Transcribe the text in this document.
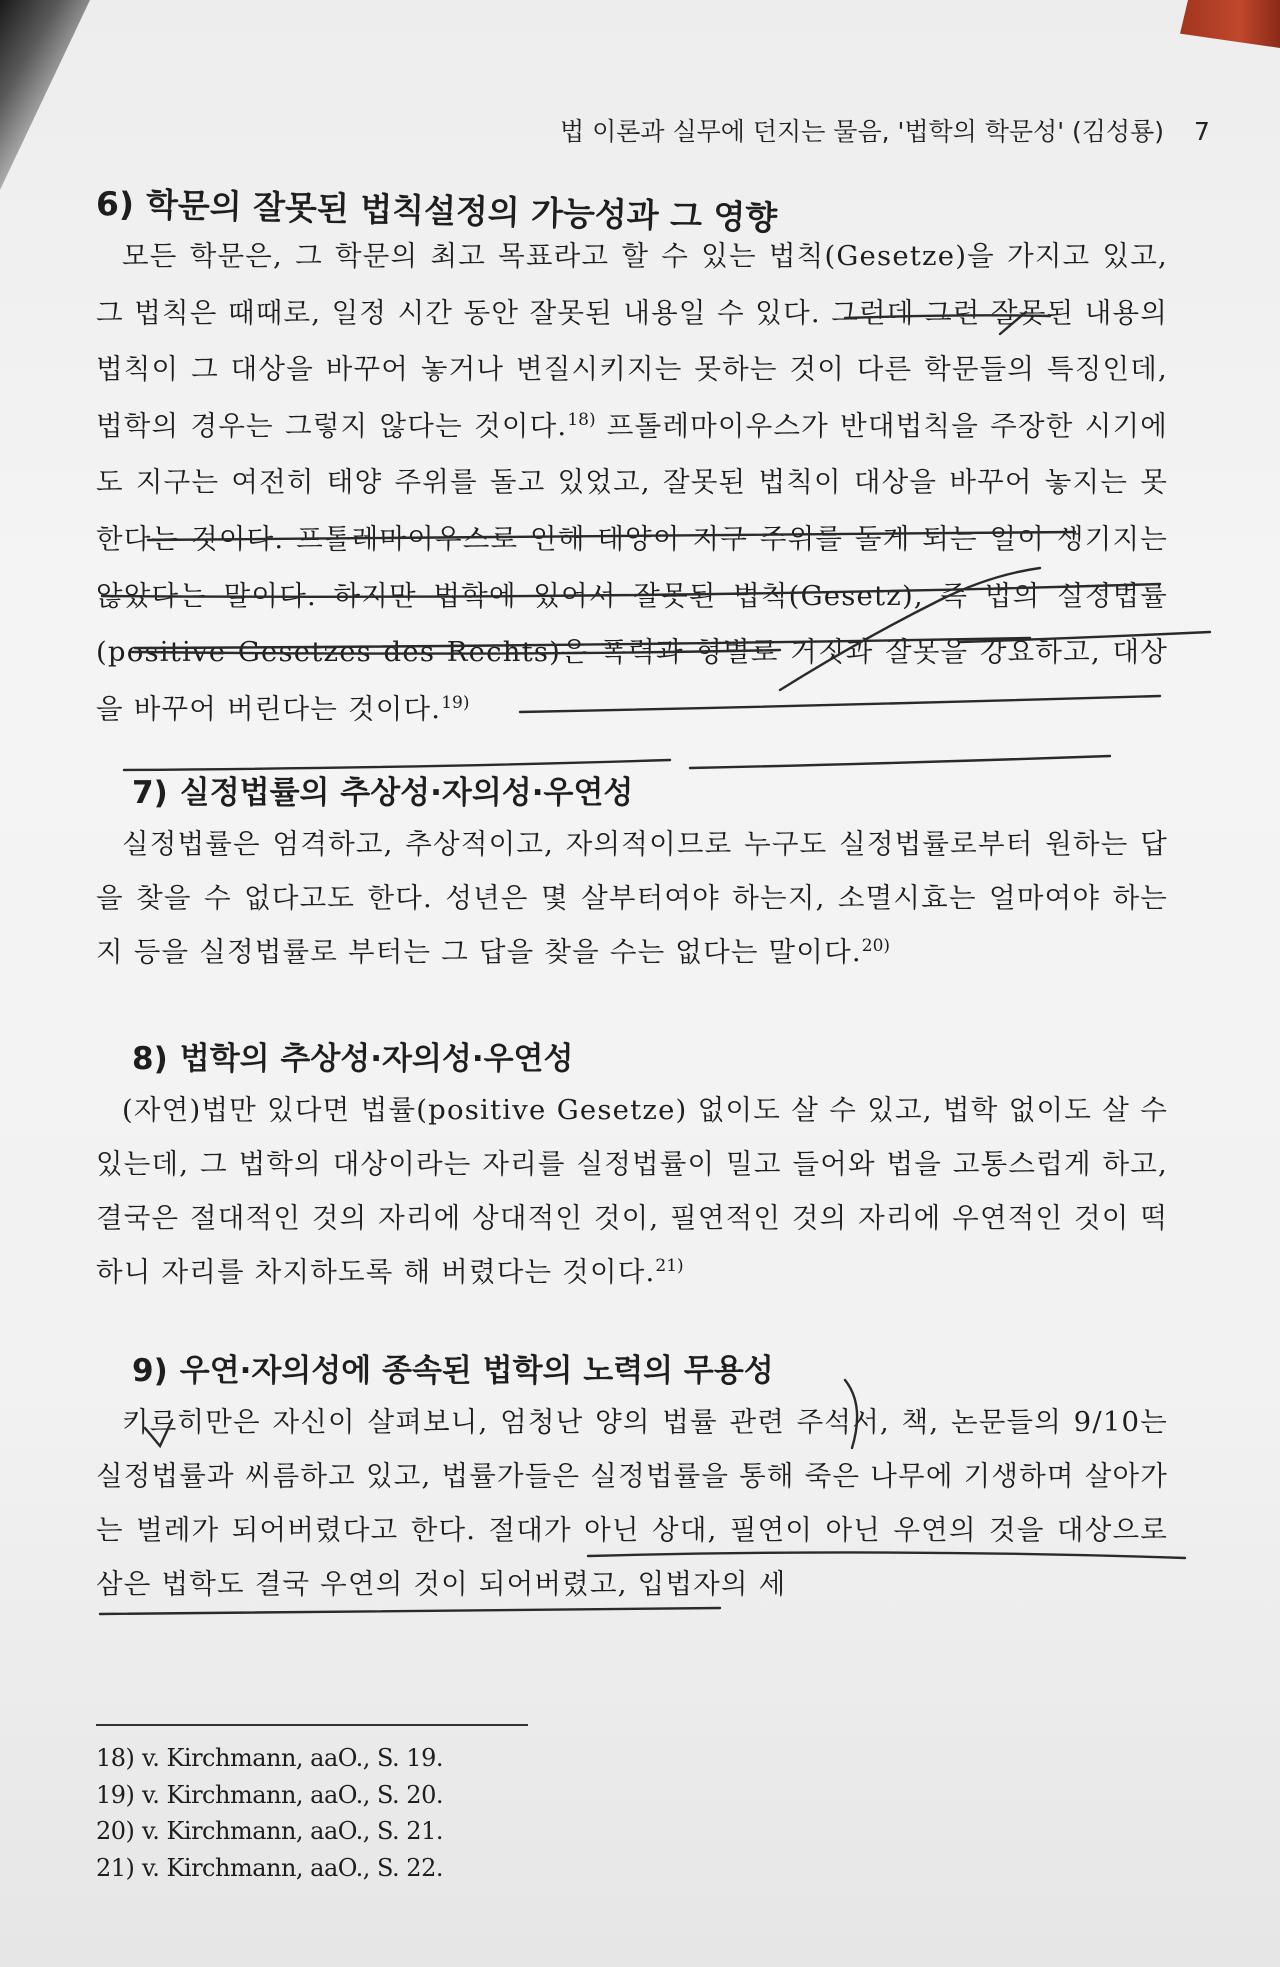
법 이론과 실무에 던지는 물음, '법학의 학문성' (김성룡) 7
6) 학문의 잘못된 법칙설정의 가능성과 그 영향

모든 학문은, 그 학문의 최고 목표라고 할 수 있는 법칙(Gesetze)을 가지고 있고, 그 법칙은 때때로, 일정 시간 동안 잘못된 내용일 수 있다. 그런데 그런 잘못된 내용의 법칙이 그 대상을 바꾸어 놓거나 변질시키지는 못하는 것이 다른 학문들의 특징인데, 법학의 경우는 그렇지 않다는 것이다.$^{18)}$ 프톨레마이우스가 반대법칙을 주장한 시기에도 지구는 여전히 태양 주위를 돌고 있었고, 잘못된 법칙이 대상을 바꾸어 놓지는 못한다는 것이다. 프톨레마이우스로 인해 태양이 지구 주위를 돌게 되는 일이 생기지는 않았다는 말이다. 하지만 법학에 있어서 잘못된 법칙(Gesetz), 즉 법의 실정법률(positive Gesetzes des Rechts)은 폭력과 형벌로 거짓과 잘못을 강요하고, 대상을 바꾸어 버린다는 것이다.$^{19)}$

7) 실정법률의 추상성·자의성·우연성

실정법률은 엄격하고, 추상적이고, 자의적이므로 누구도 실정법률로부터 원하는 답을 찾을 수 없다고도 한다. 성년은 몇 살부터여야 하는지, 소멸시효는 얼마여야 하는지 등을 실정법률로 부터는 그 답을 찾을 수는 없다는 말이다.$^{20)}$

8) 법학의 추상성·자의성·우연성

(자연)법만 있다면 법률(positive Gesetze) 없이도 살 수 있고, 법학 없이도 살 수 있는데, 그 법학의 대상이라는 자리를 실정법률이 밀고 들어와 법을 고통스럽게 하고, 결국은 절대적인 것의 자리에 상대적인 것이, 필연적인 것의 자리에 우연적인 것이 떡하니 자리를 차지하도록 해 버렸다는 것이다.$^{21)}$

9) 우연·자의성에 종속된 법학의 노력의 무용성

키르히만은 자신이 살펴보니, 엄청난 양의 법률 관련 주석서, 책, 논문들의 9/10는 실정법률과 씨름하고 있고, 법률가들은 실정법률을 통해 죽은 나무에 기생하며 살아가는 벌레가 되어버렸다고 한다. 절대가 아닌 상대, 필연이 아닌 우연의 것을 대상으로 삼은 법학도 결국 우연의 것이 되어버렸고, 입법자의 세

18) v. Kirchmann, aaO., S. 19.
19) v. Kirchmann, aaO., S. 20.
20) v. Kirchmann, aaO., S. 21.
21) v. Kirchmann, aaO., S. 22.
